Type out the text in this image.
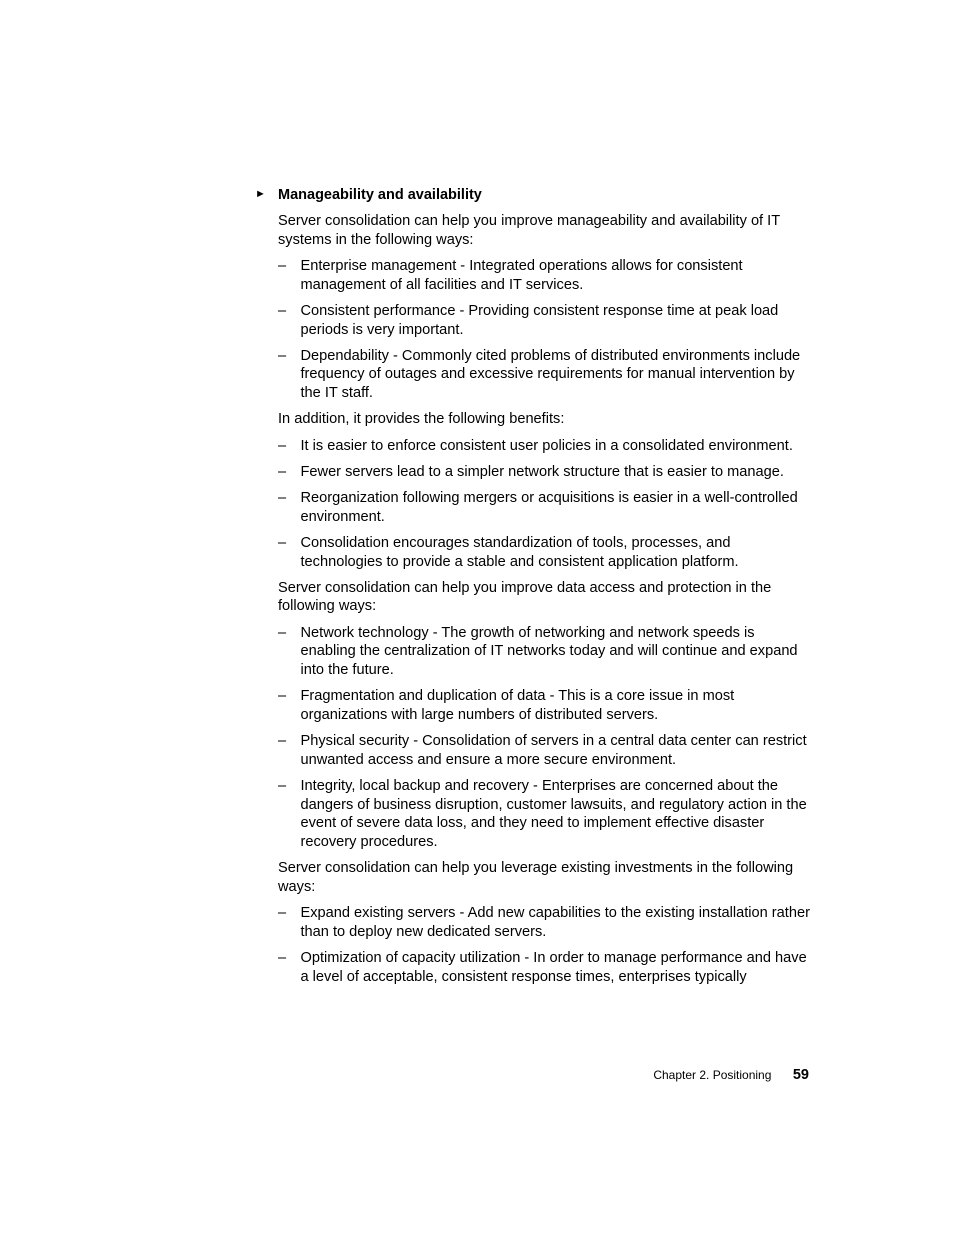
► Manageability and availability

Server consolidation can help you improve manageability and availability of IT systems in the following ways:

– Enterprise management - Integrated operations allows for consistent management of all facilities and IT services.
– Consistent performance - Providing consistent response time at peak load periods is very important.
– Dependability - Commonly cited problems of distributed environments include frequency of outages and excessive requirements for manual intervention by the IT staff.

In addition, it provides the following benefits:

– It is easier to enforce consistent user policies in a consolidated environment.
– Fewer servers lead to a simpler network structure that is easier to manage.
– Reorganization following mergers or acquisitions is easier in a well-controlled environment.
– Consolidation encourages standardization of tools, processes, and technologies to provide a stable and consistent application platform.

Server consolidation can help you improve data access and protection in the following ways:

– Network technology - The growth of networking and network speeds is enabling the centralization of IT networks today and will continue and expand into the future.
– Fragmentation and duplication of data - This is a core issue in most organizations with large numbers of distributed servers.
– Physical security - Consolidation of servers in a central data center can restrict unwanted access and ensure a more secure environment.
– Integrity, local backup and recovery - Enterprises are concerned about the dangers of business disruption, customer lawsuits, and regulatory action in the event of severe data loss, and they need to implement effective disaster recovery procedures.

Server consolidation can help you leverage existing investments in the following ways:

– Expand existing servers - Add new capabilities to the existing installation rather than to deploy new dedicated servers.
– Optimization of capacity utilization - In order to manage performance and have a level of acceptable, consistent response times, enterprises typically
Chapter 2. Positioning 59
